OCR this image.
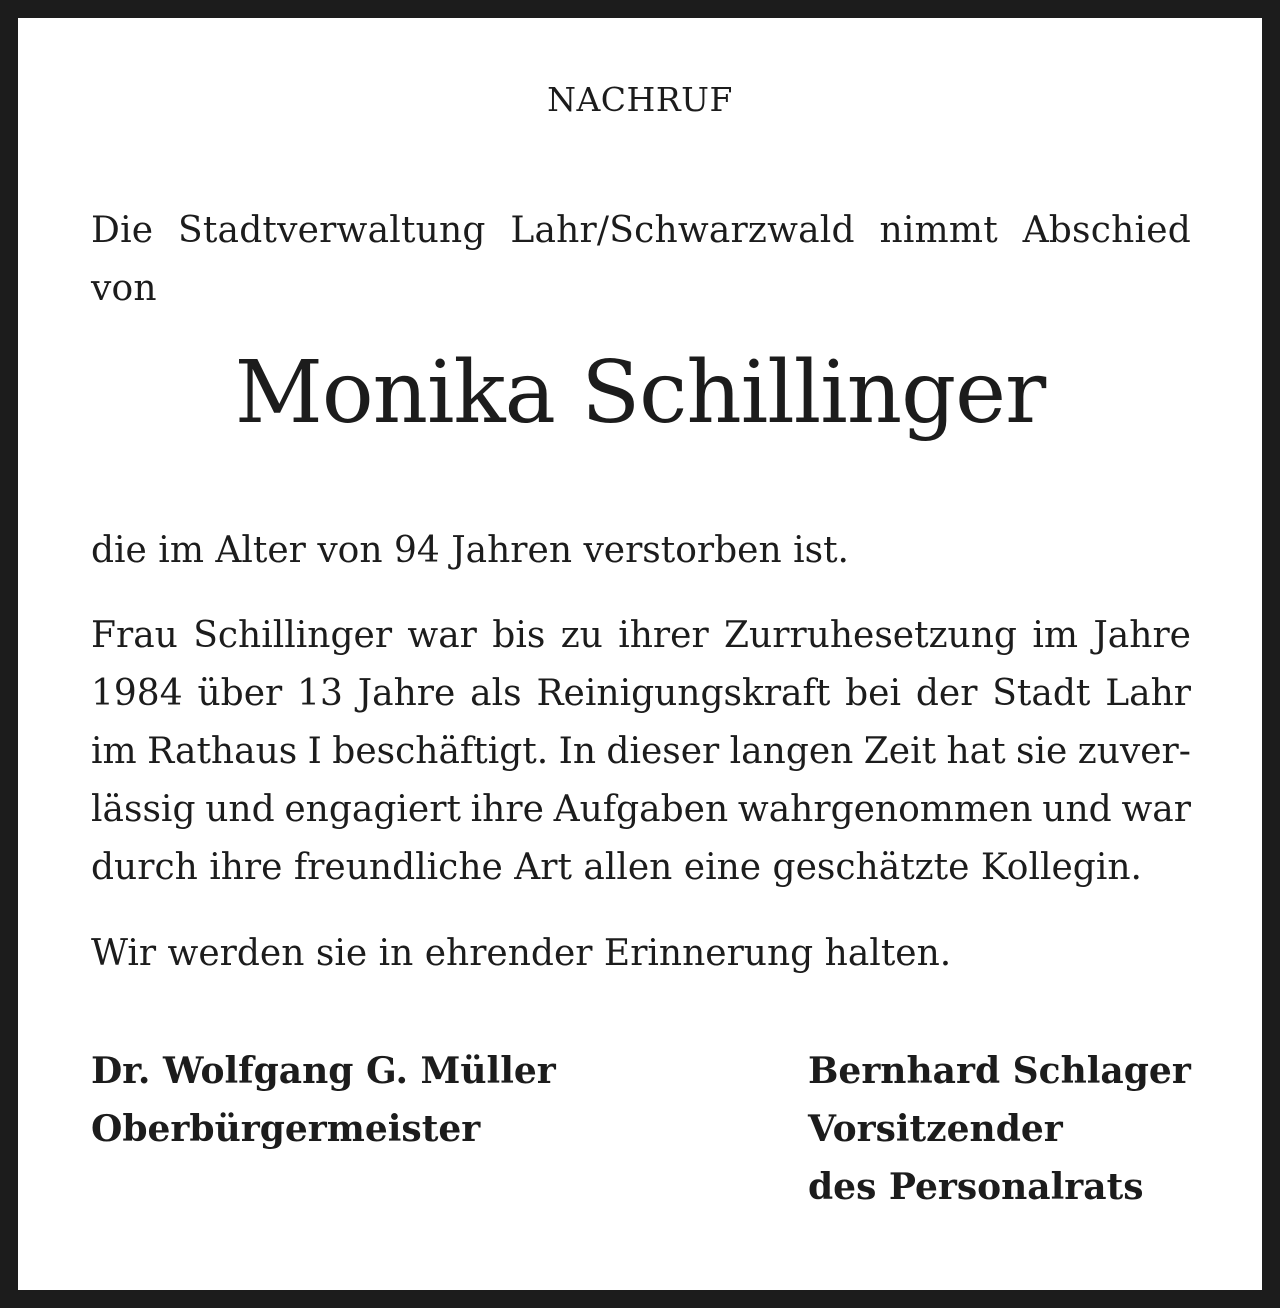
NACHRUF
Die Stadtverwaltung Lahr/Schwarzwald nimmt Abschied
von
Monika Schillinger
die im Alter von 94 Jahren verstorben ist.
Frau Schillinger war bis zu ihrer Zurruhesetzung im Jahre
1984 über 13 Jahre als Reinigungskraft bei der Stadt Lahr
im Rathaus I beschäftigt. In dieser langen Zeit hat sie zuver-
lässig und engagiert ihre Aufgaben wahrgenommen und war
durch ihre freundliche Art allen eine geschätzte Kollegin.
Wir werden sie in ehrender Erinnerung halten.
Dr. Wolfgang G. Müller
Oberbürgermeister
Bernhard Schlager
Vorsitzender
des Personalrats
